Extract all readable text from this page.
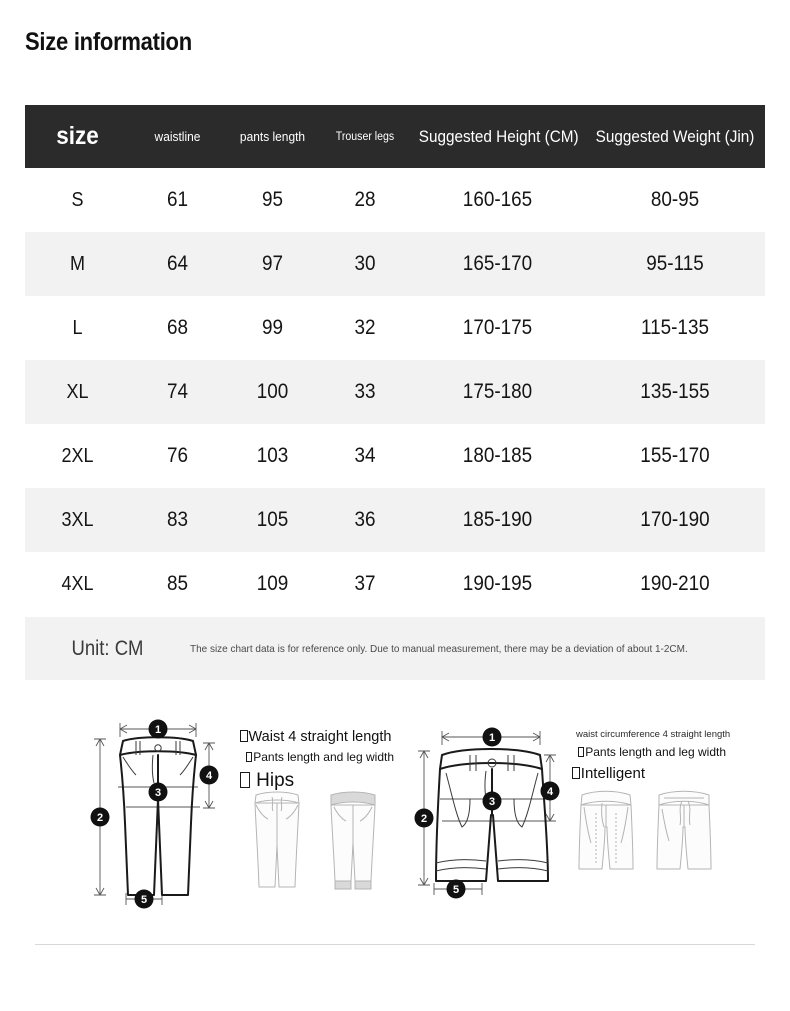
Size information
size	waistline	pants length	Trouser legs	Suggested Height (CM)	Suggested Weight (Jin)

S	61	95	28	160-165	80-95
M	64	97	30	165-170	95-115
L	68	99	32	170-175	115-135
XL	74	100	33	175-180	135-155
2XL	76	103	34	180-185	155-170
3XL	83	105	36	185-190	170-190
4XL	85	109	37	190-195	190-210
Unit: CM	The size chart data is for reference only. Due to manual measurement, there may be a deviation of about 1-2CM.
1
2
3
4
5
Waist 4 straight length
Pants length and leg width
Hips
1
2
3
4
5
waist circumference 4 straight length
Pants length and leg width
Intelligent
